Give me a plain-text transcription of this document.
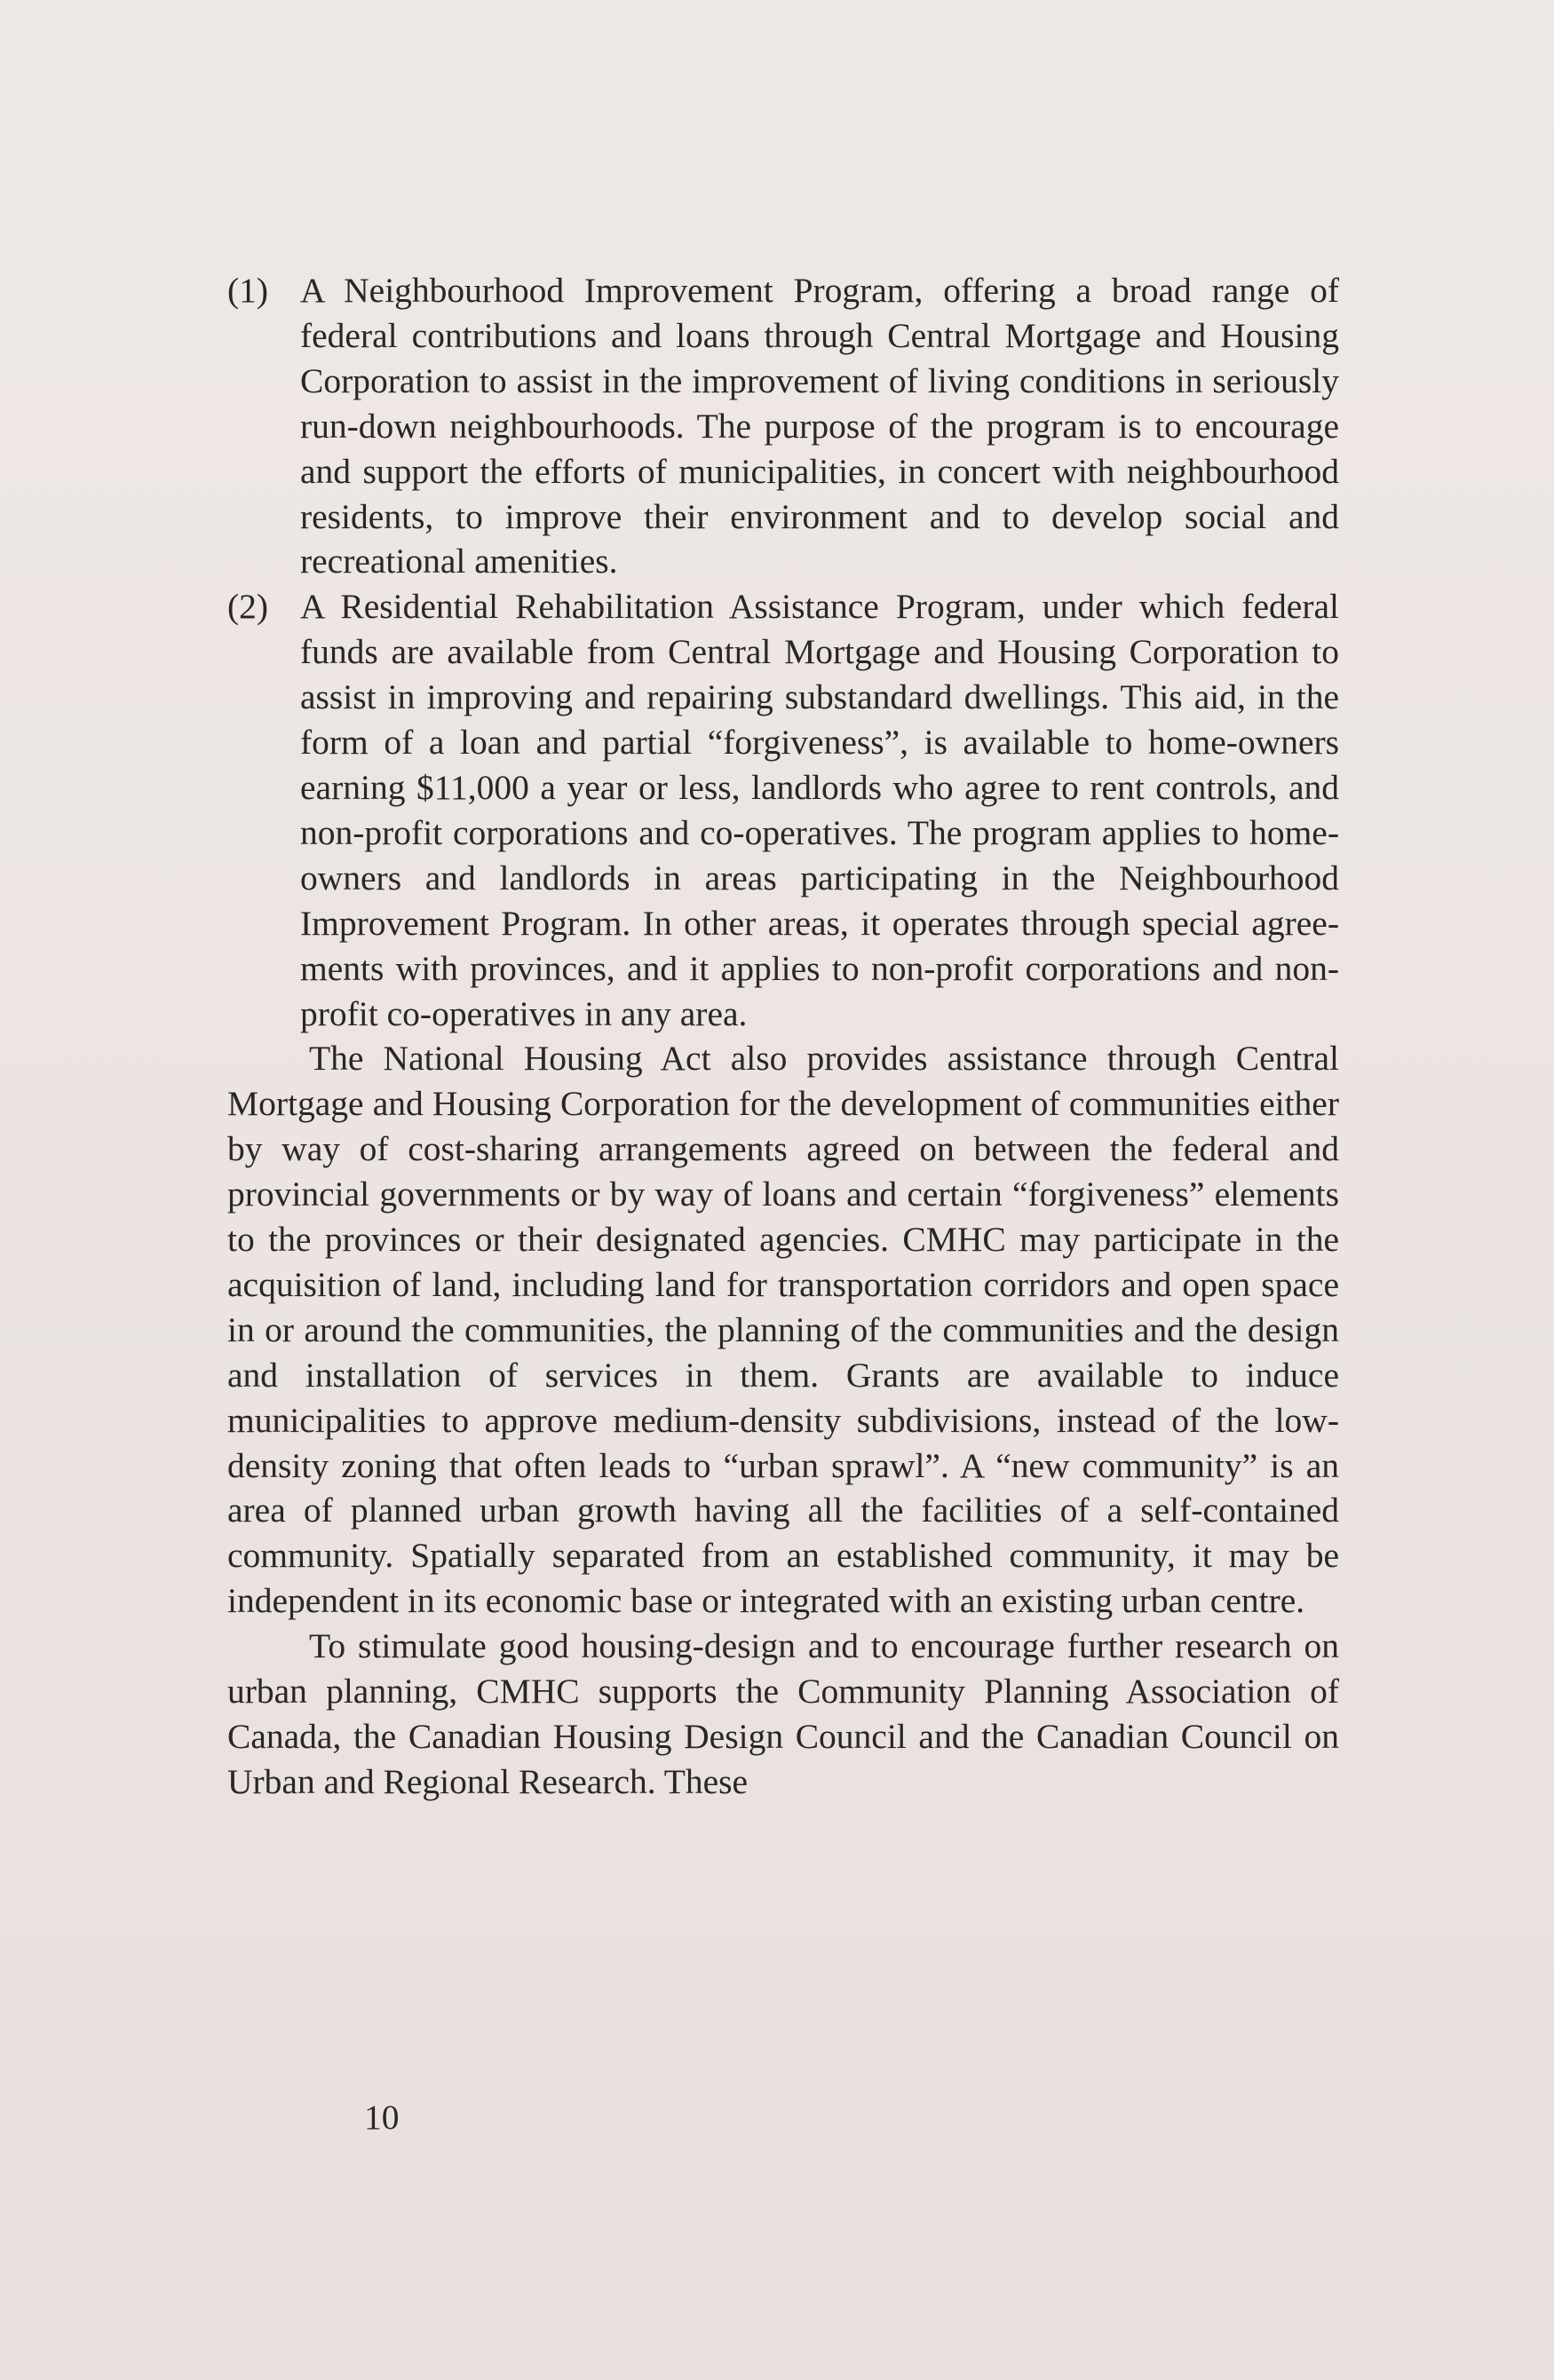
(1) A Neighbourhood Improvement Program, offering a broad range of federal contributions and loans through Central Mortgage and Housing Corporation to assist in the improvement of living conditions in seriously run-down neighbourhoods. The purpose of the program is to encourage and support the efforts of municipalities, in concert with neighbourhood residents, to improve their environment and to develop social and recreational amenities.
(2) A Residential Rehabilitation Assistance Program, under which federal funds are available from Central Mortgage and Housing Corporation to assist in improving and repairing substandard dwellings. This aid, in the form of a loan and partial “forgiveness”, is available to home-owners earning $11,000 a year or less, landlords who agree to rent controls, and non-profit corporations and co-operatives. The program applies to home-owners and landlords in areas participating in the Neighbourhood Improvement Program. In other areas, it operates through special agreements with provinces, and it applies to non-profit corporations and non-profit co-operatives in any area.

The National Housing Act also provides assistance through Central Mortgage and Housing Corporation for the development of communities either by way of cost-sharing arrangements agreed on between the federal and provincial governments or by way of loans and certain “forgiveness” elements to the provinces or their designated agencies. CMHC may participate in the acquisition of land, including land for transportation corridors and open space in or around the communities, the planning of the communities and the design and installation of services in them. Grants are available to induce municipalities to approve medium-density subdivisions, instead of the low-density zoning that often leads to “urban sprawl”. A “new community” is an area of planned urban growth having all the facilities of a self-contained community. Spatially separated from an established community, it may be independent in its economic base or integrated with an existing urban centre.

To stimulate good housing-design and to encourage further research on urban planning, CMHC supports the Community Planning Association of Canada, the Canadian Housing Design Council and the Canadian Council on Urban and Regional Research. These

10
